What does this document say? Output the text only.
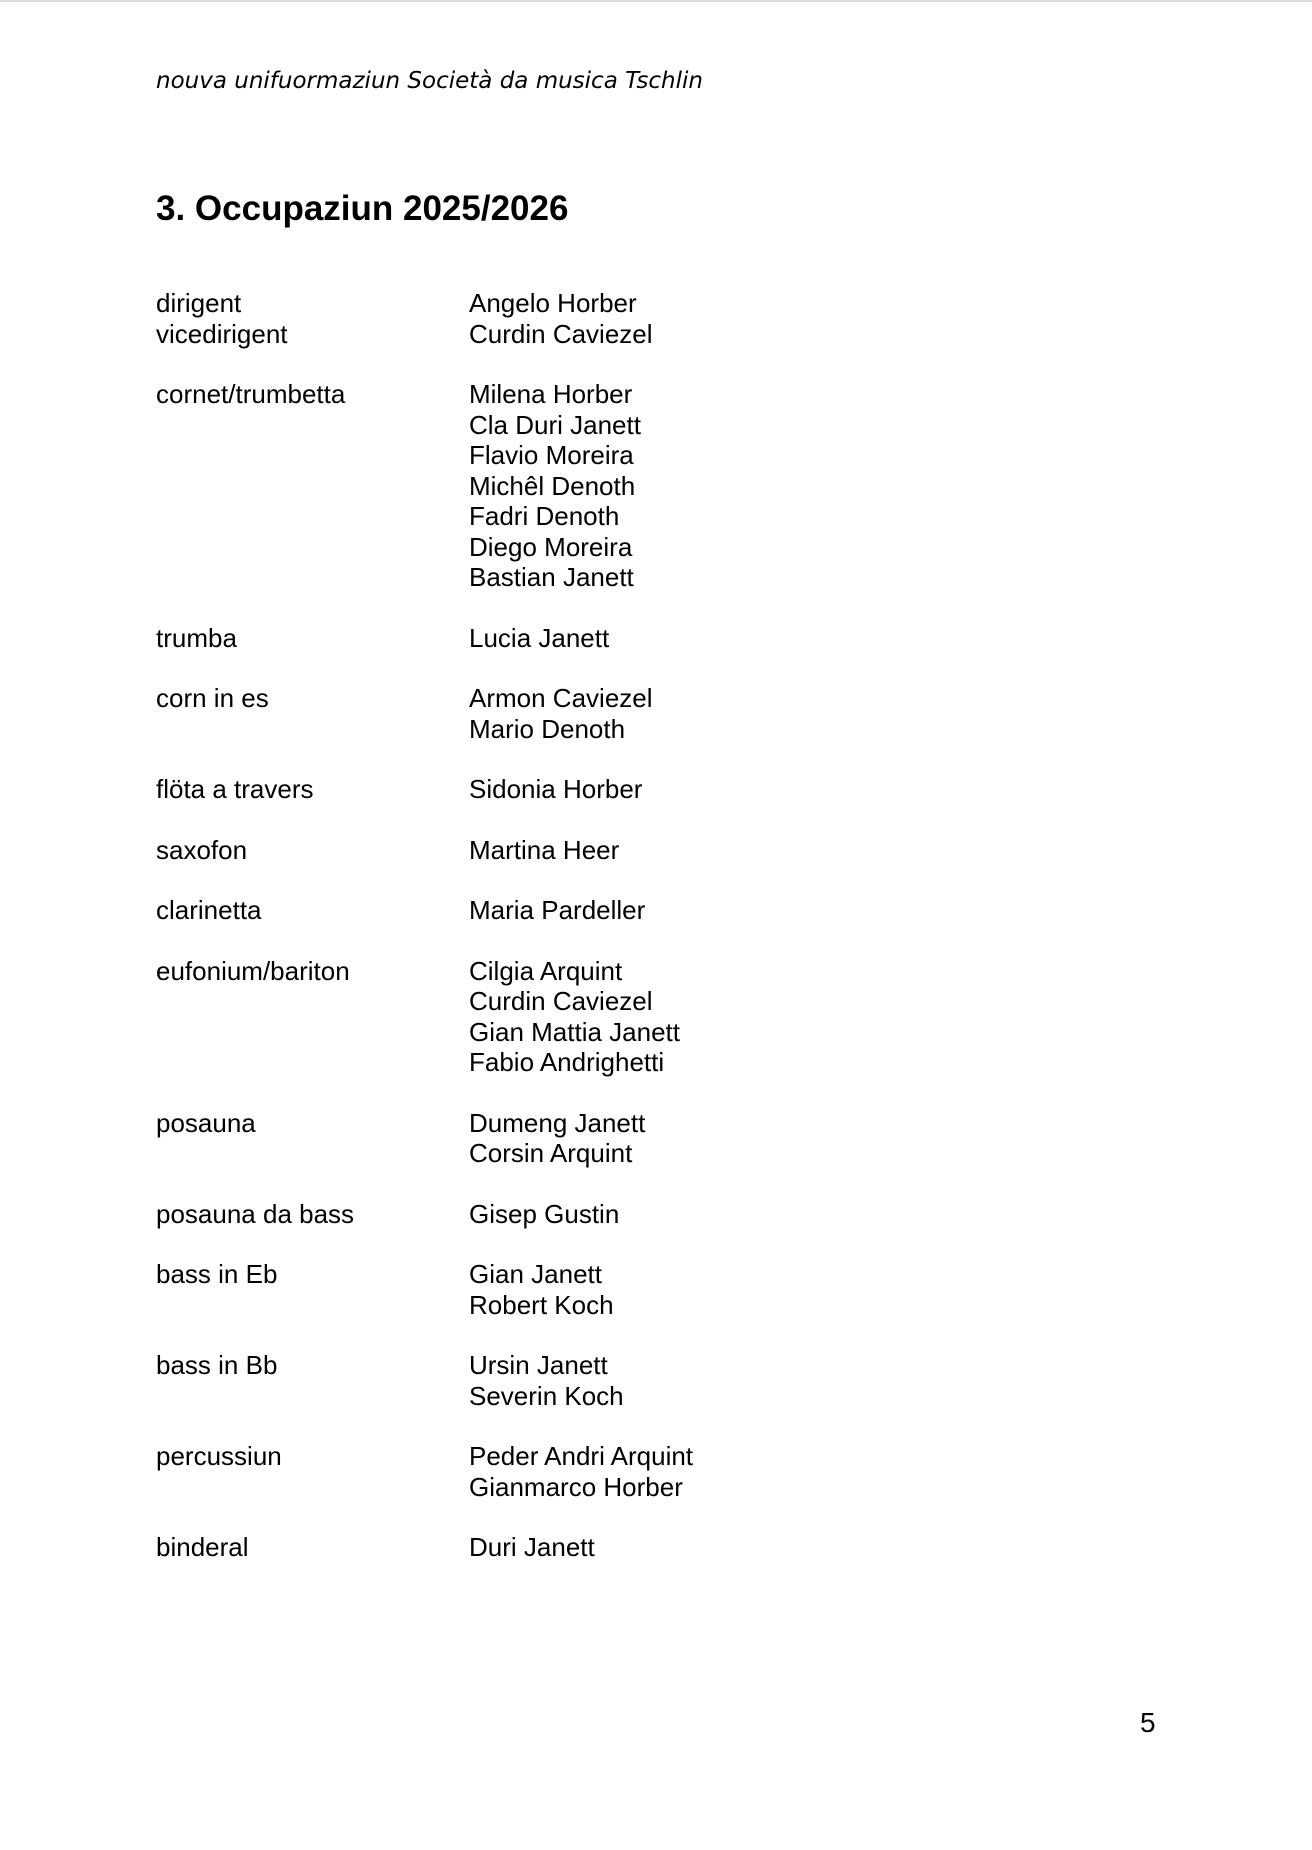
nouva unifuormaziun Società da musica Tschlin
3. Occupaziun 2025/2026
dirigent	Angelo Horber
vicedirigent	Curdin Caviezel
cornet/trumbetta	Milena Horber
Cla Duri Janett
Flavio Moreira
Michêl Denoth
Fadri Denoth
Diego Moreira
Bastian Janett
trumba	Lucia Janett
corn in es	Armon Caviezel
Mario Denoth
flöta a travers	Sidonia Horber
saxofon	Martina Heer
clarinetta	Maria Pardeller
eufonium/bariton	Cilgia Arquint
Curdin Caviezel
Gian Mattia Janett
Fabio Andrighetti
posauna	Dumeng Janett
Corsin Arquint
posauna da bass	Gisep Gustin
bass in Eb	Gian Janett
Robert Koch
bass in Bb	Ursin Janett
Severin Koch
percussiun	Peder Andri Arquint
Gianmarco Horber
binderal	Duri Janett
5
